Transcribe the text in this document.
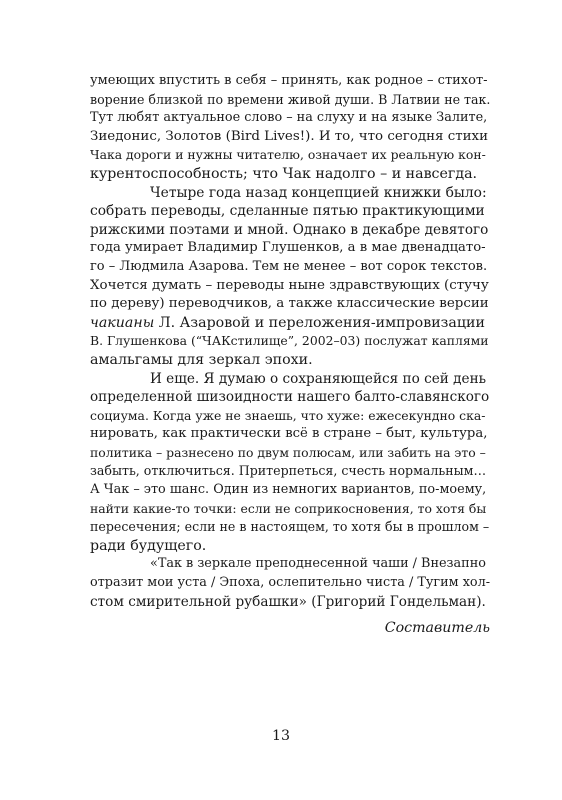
умеющих впустить в себя – принять, как родное – стихот-
ворение близкой по времени живой души. В Латвии не так.
Тут любят актуальное слово – на слуху и на языке Залите,
Зиедонис, Золотов (Bird Lives!). И то, что сегодня стихи
Чака дороги и нужны читателю, означает их реальную кон-
курентоспособность; что Чак надолго – и навсегда.
Четыре года назад концепцией книжки было:
собрать переводы, сделанные пятью практикующими
рижскими поэтами и мной. Однако в декабре девятого
года умирает Владимир Глушенков, а в мае двенадцато-
го – Людмила Азарова. Тем не менее – вот сорок текстов.
Хочется думать – переводы ныне здравствующих (стучу
по дереву) переводчиков, а также классические версии
чакианы Л. Азаровой и переложения-импровизации
В. Глушенкова (“ЧАКстилище”, 2002–03) послужат каплями
амальгамы для зеркал эпохи.
И еще. Я думаю о сохраняющейся по сей день
определенной шизоидности нашего балто-славянского
социума. Когда уже не знаешь, что хуже: ежесекундно ска-
нировать, как практически всё в стране – быт, культура,
политика – разнесено по двум полюсам, или забить на это –
забыть, отключиться. Притерпеться, счесть нормальным…
А Чак – это шанс. Один из немногих вариантов, по-моему,
найти какие-то точки: если не соприкосновения, то хотя бы
пересечения; если не в настоящем, то хотя бы в прошлом –
ради будущего.
«Так в зеркале преподнесенной чаши / Внезапно
отразит мои уста / Эпоха, ослепительно чиста / Тугим хол-
стом смирительной рубашки» (Григорий Гондельман).
Составитель
13
